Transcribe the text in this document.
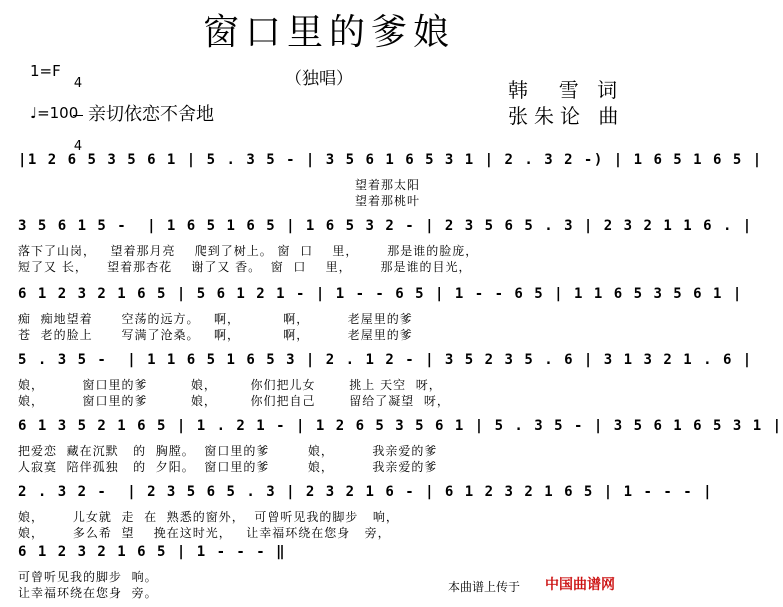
窗口里的爹娘
（独唱）
1=F

4

4

♩=100 亲切依恋不舍地
韩  雪 词
张朱论 曲
|1 2 6 5 3 5 6 1 | 5 . 3 5 - | 3 5 6 1 6 5 3 1 | 2 . 3 2 -) | 1 6 5 1 6 5 |
望着那太阳
望着那桃叶
3 5 6 1 5 -  | 1 6 5 1 6 5 | 1 6 5 3 2 - | 2 3 5 6 5 . 3 | 2 3 2 1 1 6 . |
落下了山岗，   望着那月亮    爬到了树上。 窗  口    里，      那是谁的脸庞，
短了又 长，    望着那杏花    谢了又 香。  窗  口    里，      那是谁的目光，
6 1 2 3 2 1 6 5 | 5 6 1 2 1 - | 1 - - 6 5 | 1 - - 6 5 | 1 1 6 5 3 5 6 1 |
痴  痴地望着      空荡的远方。   啊，         啊，        老屋里的爹
苍  老的脸上      写满了沧桑。   啊，         啊，        老屋里的爹
5 . 3 5 -  | 1 1 6 5 1 6 5 3 | 2 . 1 2 - | 3 5 2 3 5 . 6 | 3 1 3 2 1 . 6 |
娘，        窗口里的爹         娘，       你们把儿女       挑上 天空  呀，
娘，        窗口里的爹         娘，       你们把自己       留给了凝望  呀，
6 1 3 5 2 1 6 5 | 1 . 2 1 - | 1 2 6 5 3 5 6 1 | 5 . 3 5 - | 3 5 6 1 6 5 3 1 |
把爱恋  藏在沉默   的  胸膛。  窗口里的爹        娘，        我亲爱的爹
人寂寞  陪伴孤独   的  夕阳。  窗口里的爹        娘，        我亲爱的爹
2 . 3 2 -  | 2 3 5 6 5 . 3 | 2 3 2 1 6 - | 6 1 2 3 2 1 6 5 | 1 - - - |
娘，      儿女就  走  在  熟悉的窗外，  可曾听见我的脚步   响，
娘，      多么希  望    挽在这时光，   让幸福环绕在您身   旁，
6 1 2 3 2 1 6 5 | 1 - - - ‖
可曾听见我的脚步  响。
让幸福环绕在您身  旁。	本曲谱上传于 中国曲谱网
